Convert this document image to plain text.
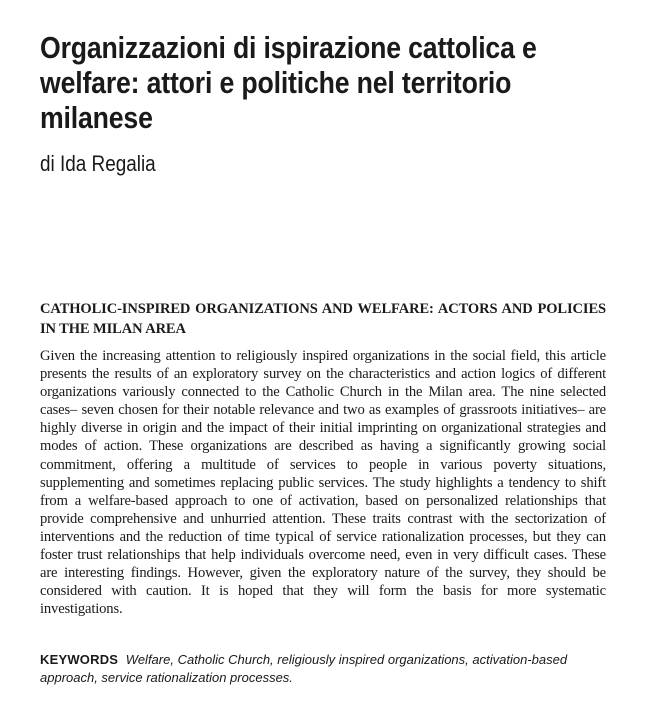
Organizzazioni di ispirazione cattolica e welfare: attori e politiche nel territorio milanese
di Ida Regalia
CATHOLIC-INSPIRED ORGANIZATIONS AND WELFARE: ACTORS AND POLICIES IN THE MILAN AREA

Given the increasing attention to religiously inspired organizations in the social field, this article presents the results of an exploratory survey on the characteristics and action logics of different organizations variously connected to the Catholic Church in the Milan area. The nine selected cases– seven chosen for their notable relevance and two as examples of grassroots initiatives– are highly diverse in origin and the impact of their initial imprinting on organizational strategies and modes of action. These organizations are described as having a significantly growing social commitment, offering a multitude of services to people in various poverty situations, supplementing and sometimes replacing public services. The study highlights a tendency to shift from a welfare-based approach to one of activation, based on personalized relationships that provide comprehensive and unhurried attention. These traits contrast with the sectorization of interventions and the reduction of time typical of service rationalization processes, but they can foster trust relationships that help individuals overcome need, even in very difficult cases. These are interesting findings. However, given the exploratory nature of the survey, they should be considered with caution. It is hoped that they will form the basis for more systematic investigations.

KEYWORDS Welfare, Catholic Church, religiously inspired organizations, activation-based approach, service rationalization processes.
